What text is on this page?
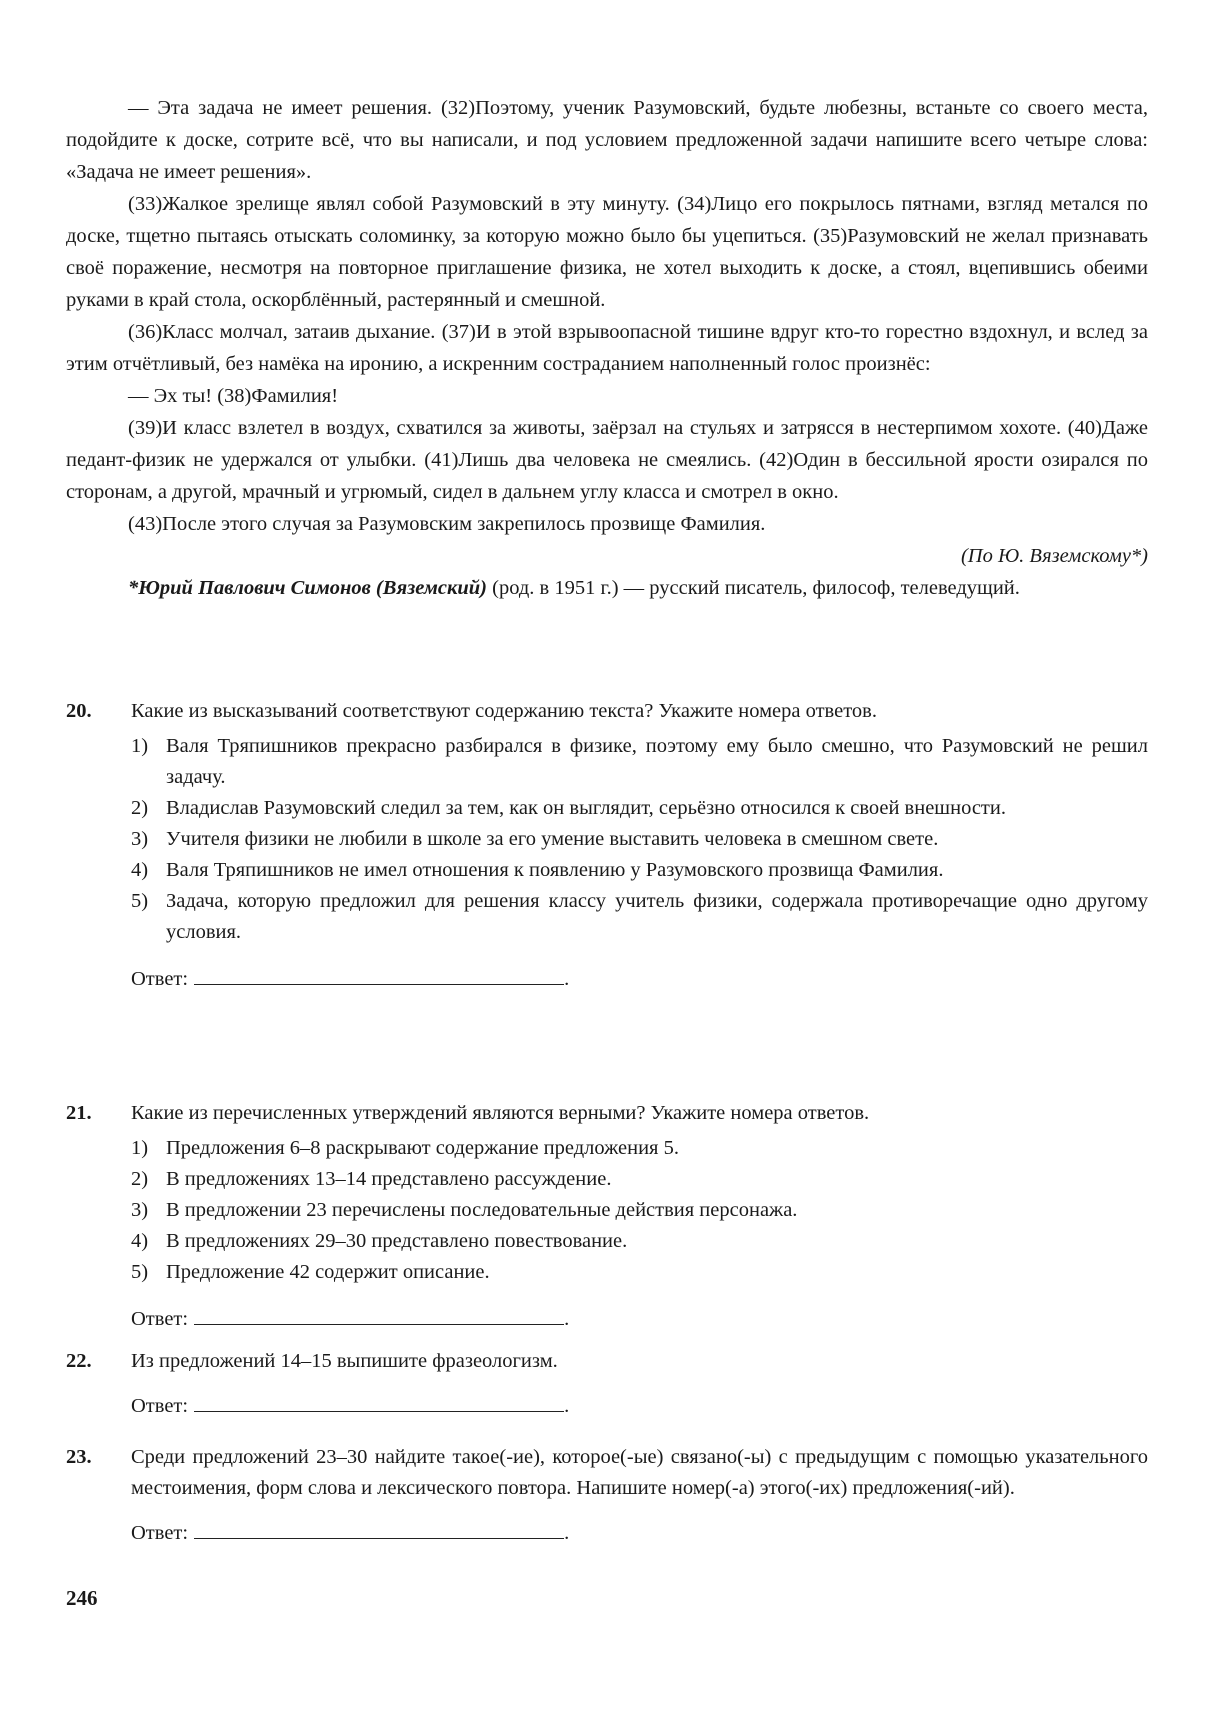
— Эта задача не имеет решения. (32)Поэтому, ученик Разумовский, будьте любезны, встаньте со своего места, подойдите к доске, сотрите всё, что вы написали, и под условием предложенной задачи напишите всего четыре слова: «Задача не имеет решения».

(33)Жалкое зрелище являл собой Разумовский в эту минуту. (34)Лицо его покрылось пятнами, взгляд метался по доске, тщетно пытаясь отыскать соломинку, за которую можно было бы уцепиться. (35)Разумовский не желал признавать своё поражение, несмотря на повторное приглашение физика, не хотел выходить к доске, а стоял, вцепившись обеими руками в край стола, оскорблённый, растерянный и смешной.

(36)Класс молчал, затаив дыхание. (37)И в этой взрывоопасной тишине вдруг кто-то горестно вздохнул, и вслед за этим отчётливый, без намёка на иронию, а искренним состраданием наполненный голос произнёс:

— Эх ты! (38)Фамилия!

(39)И класс взлетел в воздух, схватился за животы, заёрзал на стульях и затрясся в нестерпимом хохоте. (40)Даже педант-физик не удержался от улыбки. (41)Лишь два человека не смеялись. (42)Один в бессильной ярости озирался по сторонам, а другой, мрачный и угрюмый, сидел в дальнем углу класса и смотрел в окно.

(43)После этого случая за Разумовским закрепилось прозвище Фамилия.

(По Ю. Вяземскому*)

*Юрий Павлович Симонов (Вяземский) (род. в 1951 г.) — русский писатель, философ, телеведущий.

20. Какие из высказываний соответствуют содержанию текста? Укажите номера ответов.
1) Валя Тряпишников прекрасно разбирался в физике, поэтому ему было смешно, что Разумовский не решил задачу.
2) Владислав Разумовский следил за тем, как он выглядит, серьёзно относился к своей внешности.
3) Учителя физики не любили в школе за его умение выставить человека в смешном свете.
4) Валя Тряпишников не имел отношения к появлению у Разумовского прозвища Фамилия.
5) Задача, которую предложил для решения классу учитель физики, содержала противоречащие одно другому условия.
Ответ:	.
21. Какие из перечисленных утверждений являются верными? Укажите номера ответов.
1) Предложения 6–8 раскрывают содержание предложения 5.
2) В предложениях 13–14 представлено рассуждение.
3) В предложении 23 перечислены последовательные действия персонажа.
4) В предложениях 29–30 представлено повествование.
5) Предложение 42 содержит описание.
Ответ:	.
22. Из предложений 14–15 выпишите фразеологизм.
Ответ:	.
23. Среди предложений 23–30 найдите такое(-ие), которое(-ые) связано(-ы) с предыдущим с помощью указательного местоимения, форм слова и лексического повтора. Напишите номер(-а) этого(-их) предложения(-ий).
Ответ:	.
246
